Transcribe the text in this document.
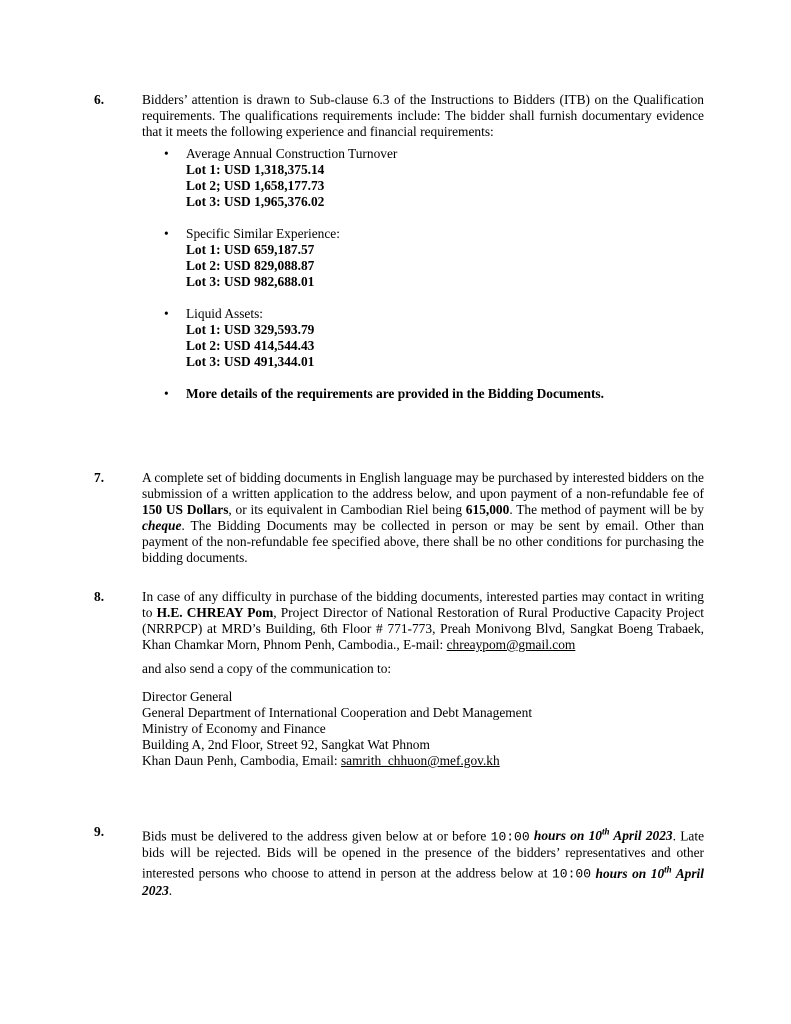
6.	Bidders’ attention is drawn to Sub-clause 6.3 of the Instructions to Bidders (ITB) on the Qualification requirements. The qualifications requirements include: The bidder shall furnish documentary evidence that it meets the following experience and financial requirements:

• Average Annual Construction Turnover
Lot 1: USD 1,318,375.14
Lot 2; USD 1,658,177.73
Lot 3: USD 1,965,376.02
• Specific Similar Experience:
Lot 1: USD 659,187.57
Lot 2: USD 829,088.87
Lot 3: USD 982,688.01
• Liquid Assets:
Lot 1: USD 329,593.79
Lot 2: USD 414,544.43
Lot 3: USD 491,344.01
• More details of the requirements are provided in the Bidding Documents.
7.	A complete set of bidding documents in English language may be purchased by interested bidders on the submission of a written application to the address below, and upon payment of a non-refundable fee of 150 US Dollars, or its equivalent in Cambodian Riel being 615,000. The method of payment will be by cheque. The Bidding Documents may be collected in person or may be sent by email. Other than payment of the non-refundable fee specified above, there shall be no other conditions for purchasing the bidding documents.

8.	In case of any difficulty in purchase of the bidding documents, interested parties may contact in writing to H.E. CHREAY Pom, Project Director of National Restoration of Rural Productive Capacity Project (NRRPCP) at MRD’s Building, 6th Floor # 771-773, Preah Monivong Blvd, Sangkat Boeng Trabaek, Khan Chamkar Morn, Phnom Penh, Cambodia., E-mail: chreaypom@gmail.com

and also send a copy of the communication to:

Director General

General Department of International Cooperation and Debt Management

Ministry of Economy and Finance

Building A, 2nd Floor, Street 92, Sangkat Wat Phnom

Khan Daun Penh, Cambodia, Email: samrith_chhuon@mef.gov.kh

9.	Bids must be delivered to the address given below at or before 10:00 hours on 10th April 2023. Late bids will be rejected. Bids will be opened in the presence of the bidders’ representatives and other interested persons who choose to attend in person at the address below at 10:00 hours on 10th April 2023.
